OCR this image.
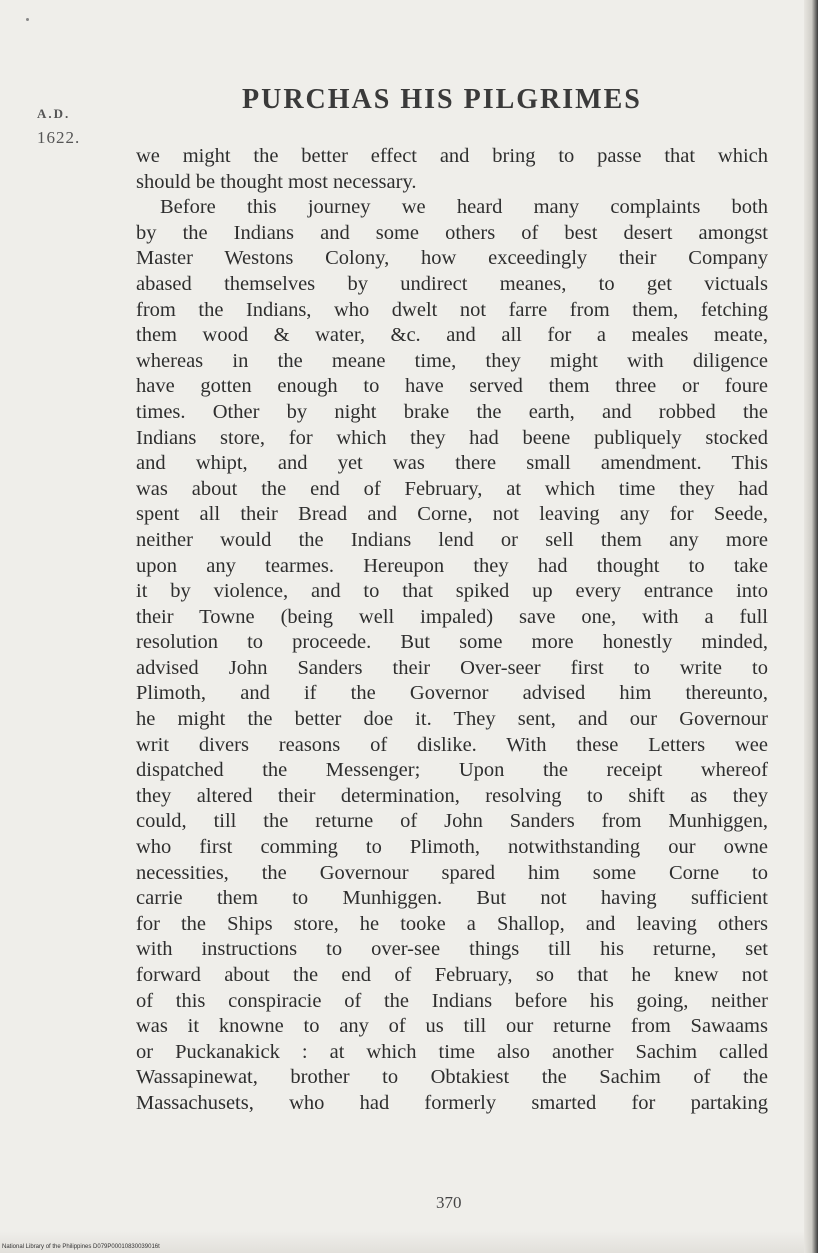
A.D.
1622.
PURCHAS HIS PILGRIMES
we might the better effect and bring to passe that which
should be thought most necessary.
Before this journey we heard many complaints both
by the Indians and some others of best desert amongst
Master Westons Colony, how exceedingly their Company
abased themselves by undirect meanes, to get victuals
from the Indians, who dwelt not farre from them, fetching
them wood & water, &c. and all for a meales meate,
whereas in the meane time, they might with diligence
have gotten enough to have served them three or foure
times. Other by night brake the earth, and robbed the
Indians store, for which they had beene publiquely stocked
and whipt, and yet was there small amendment. This
was about the end of February, at which time they had
spent all their Bread and Corne, not leaving any for Seede,
neither would the Indians lend or sell them any more
upon any tearmes. Hereupon they had thought to take
it by violence, and to that spiked up every entrance into
their Towne (being well impaled) save one, with a full
resolution to proceede. But some more honestly minded,
advised John Sanders their Over-seer first to write to
Plimoth, and if the Governor advised him thereunto,
he might the better doe it. They sent, and our Governour
writ divers reasons of dislike. With these Letters wee
dispatched the Messenger; Upon the receipt whereof
they altered their determination, resolving to shift as they
could, till the returne of John Sanders from Munhiggen,
who first comming to Plimoth, notwithstanding our owne
necessities, the Governour spared him some Corne to
carrie them to Munhiggen. But not having sufficient
for the Ships store, he tooke a Shallop, and leaving others
with instructions to over-see things till his returne, set
forward about the end of February, so that he knew not
of this conspiracie of the Indians before his going, neither
was it knowne to any of us till our returne from Sawaams
or Puckanakick : at which time also another Sachim called
Wassapinewat, brother to Obtakiest the Sachim of the
Massachusets, who had formerly smarted for partaking
370
National Library of the Philippines D079P00010830039016t
